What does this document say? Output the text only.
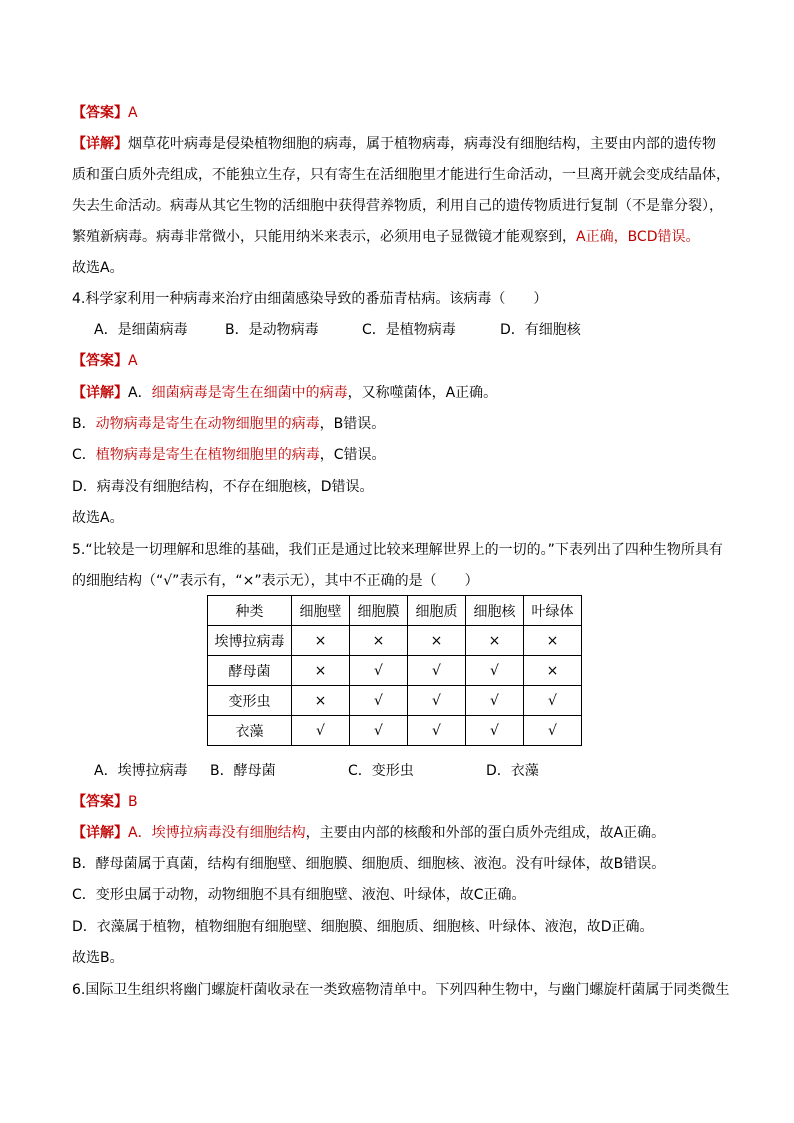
【答案】A

【详解】烟草花叶病毒是侵染植物细胞的病毒，属于植物病毒，病毒没有细胞结构，主要由内部的遗传物

质和蛋白质外壳组成，不能独立生存，只有寄生在活细胞里才能进行生命活动，一旦离开就会变成结晶体，

失去生命活动。病毒从其它生物的活细胞中获得营养物质，利用自己的遗传物质进行复制（不是靠分裂），

繁殖新病毒。病毒非常微小，只能用纳米来表示，必须用电子显微镜才能观察到，A正确，BCD错误。

故选A。

4.科学家利用一种病毒来治疗由细菌感染导致的番茄青枯病。该病毒（　　）

A．是细菌病毒	B．是动物病毒	C．是植物病毒	D．有细胞核

【答案】A

【详解】A．细菌病毒是寄生在细菌中的病毒，又称噬菌体，A正确。

B．动物病毒是寄生在动物细胞里的病毒，B错误。

C．植物病毒是寄生在植物细胞里的病毒，C错误。

D．病毒没有细胞结构，不存在细胞核，D错误。

故选A。

5.“比较是一切理解和思维的基础，我们正是通过比较来理解世界上的一切的。”下表列出了四种生物所具有

的细胞结构（“√”表示有，“×”表示无），其中不正确的是（　　）

种类	细胞壁	细胞膜	细胞质	细胞核	叶绿体
埃博拉病毒	×	×	×	×	×
酵母菌	×	√	√	√	×
变形虫	×	√	√	√	√
衣藻	√	√	√	√	√
A．埃博拉病毒 B．酵母菌	C．变形虫	D．衣藻

【答案】B

【详解】A．埃博拉病毒没有细胞结构，主要由内部的核酸和外部的蛋白质外壳组成，故A正确。

B．酵母菌属于真菌，结构有细胞壁、细胞膜、细胞质、细胞核、液泡。没有叶绿体，故B错误。

C．变形虫属于动物，动物细胞不具有细胞壁、液泡、叶绿体，故C正确。

D．衣藻属于植物，植物细胞有细胞壁、细胞膜、细胞质、细胞核、叶绿体、液泡，故D正确。

故选B。

6.国际卫生组织将幽门螺旋杆菌收录在一类致癌物清单中。下列四种生物中，与幽门螺旋杆菌属于同类微生
